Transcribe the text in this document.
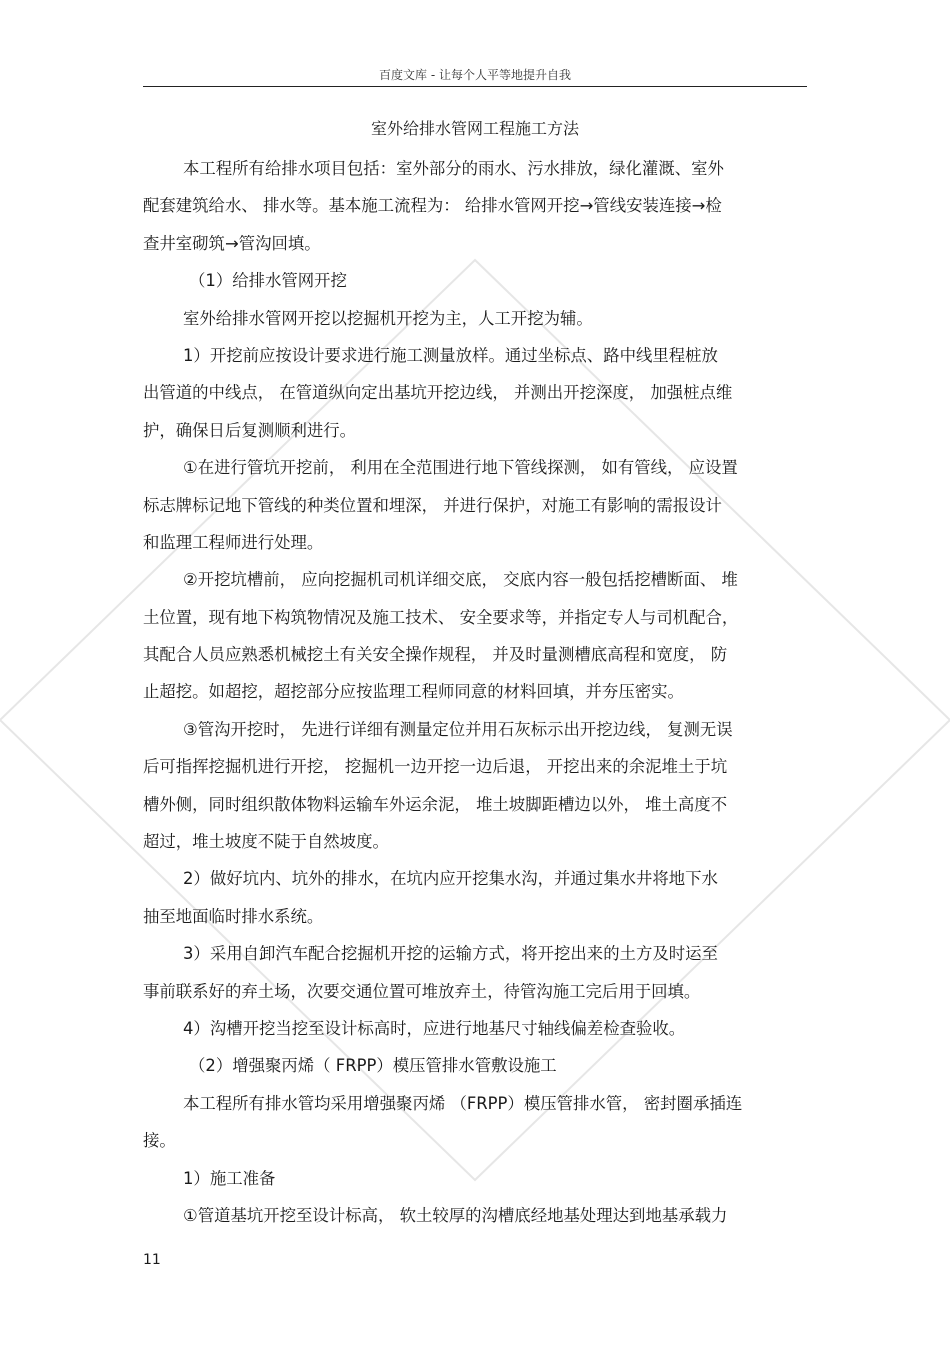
百度文库 - 让每个人平等地提升自我
室外给排水管网工程施工方法
本工程所有给排水项目包括：室外部分的雨水、污水排放，绿化灌溉、室外
配套建筑给水、 排水等。基本施工流程为： 给排水管网开挖→管线安装连接→检
查井室砌筑→管沟回填。
（1）给排水管网开挖
室外给排水管网开挖以挖掘机开挖为主，人工开挖为辅。
1）开挖前应按设计要求进行施工测量放样。通过坐标点、路中线里程桩放
出管道的中线点， 在管道纵向定出基坑开挖边线， 并测出开挖深度， 加强桩点维
护，确保日后复测顺利进行。
①在进行管坑开挖前， 利用在全范围进行地下管线探测， 如有管线， 应设置
标志牌标记地下管线的种类位置和埋深， 并进行保护，对施工有影响的需报设计
和监理工程师进行处理。
②开挖坑槽前， 应向挖掘机司机详细交底， 交底内容一般包括挖槽断面、 堆
土位置，现有地下构筑物情况及施工技术、 安全要求等，并指定专人与司机配合，
其配合人员应熟悉机械挖土有关安全操作规程， 并及时量测槽底高程和宽度， 防
止超挖。如超挖，超挖部分应按监理工程师同意的材料回填，并夯压密实。
③管沟开挖时， 先进行详细有测量定位并用石灰标示出开挖边线， 复测无误
后可指挥挖掘机进行开挖， 挖掘机一边开挖一边后退， 开挖出来的余泥堆土于坑
槽外侧，同时组织散体物料运输车外运余泥， 堆土坡脚距槽边以外， 堆土高度不
超过，堆土坡度不陡于自然坡度。
2）做好坑内、坑外的排水，在坑内应开挖集水沟，并通过集水井将地下水
抽至地面临时排水系统。
3）采用自卸汽车配合挖掘机开挖的运输方式，将开挖出来的土方及时运至
事前联系好的弃土场，次要交通位置可堆放弃土，待管沟施工完后用于回填。
4）沟槽开挖当挖至设计标高时，应进行地基尺寸轴线偏差检查验收。
（2）增强聚丙烯（ FRPP）模压管排水管敷设施工
本工程所有排水管均采用增强聚丙烯 （FRPP）模压管排水管， 密封圈承插连
接。
1）施工准备
①管道基坑开挖至设计标高， 软土较厚的沟槽底经地基处理达到地基承载力
11
